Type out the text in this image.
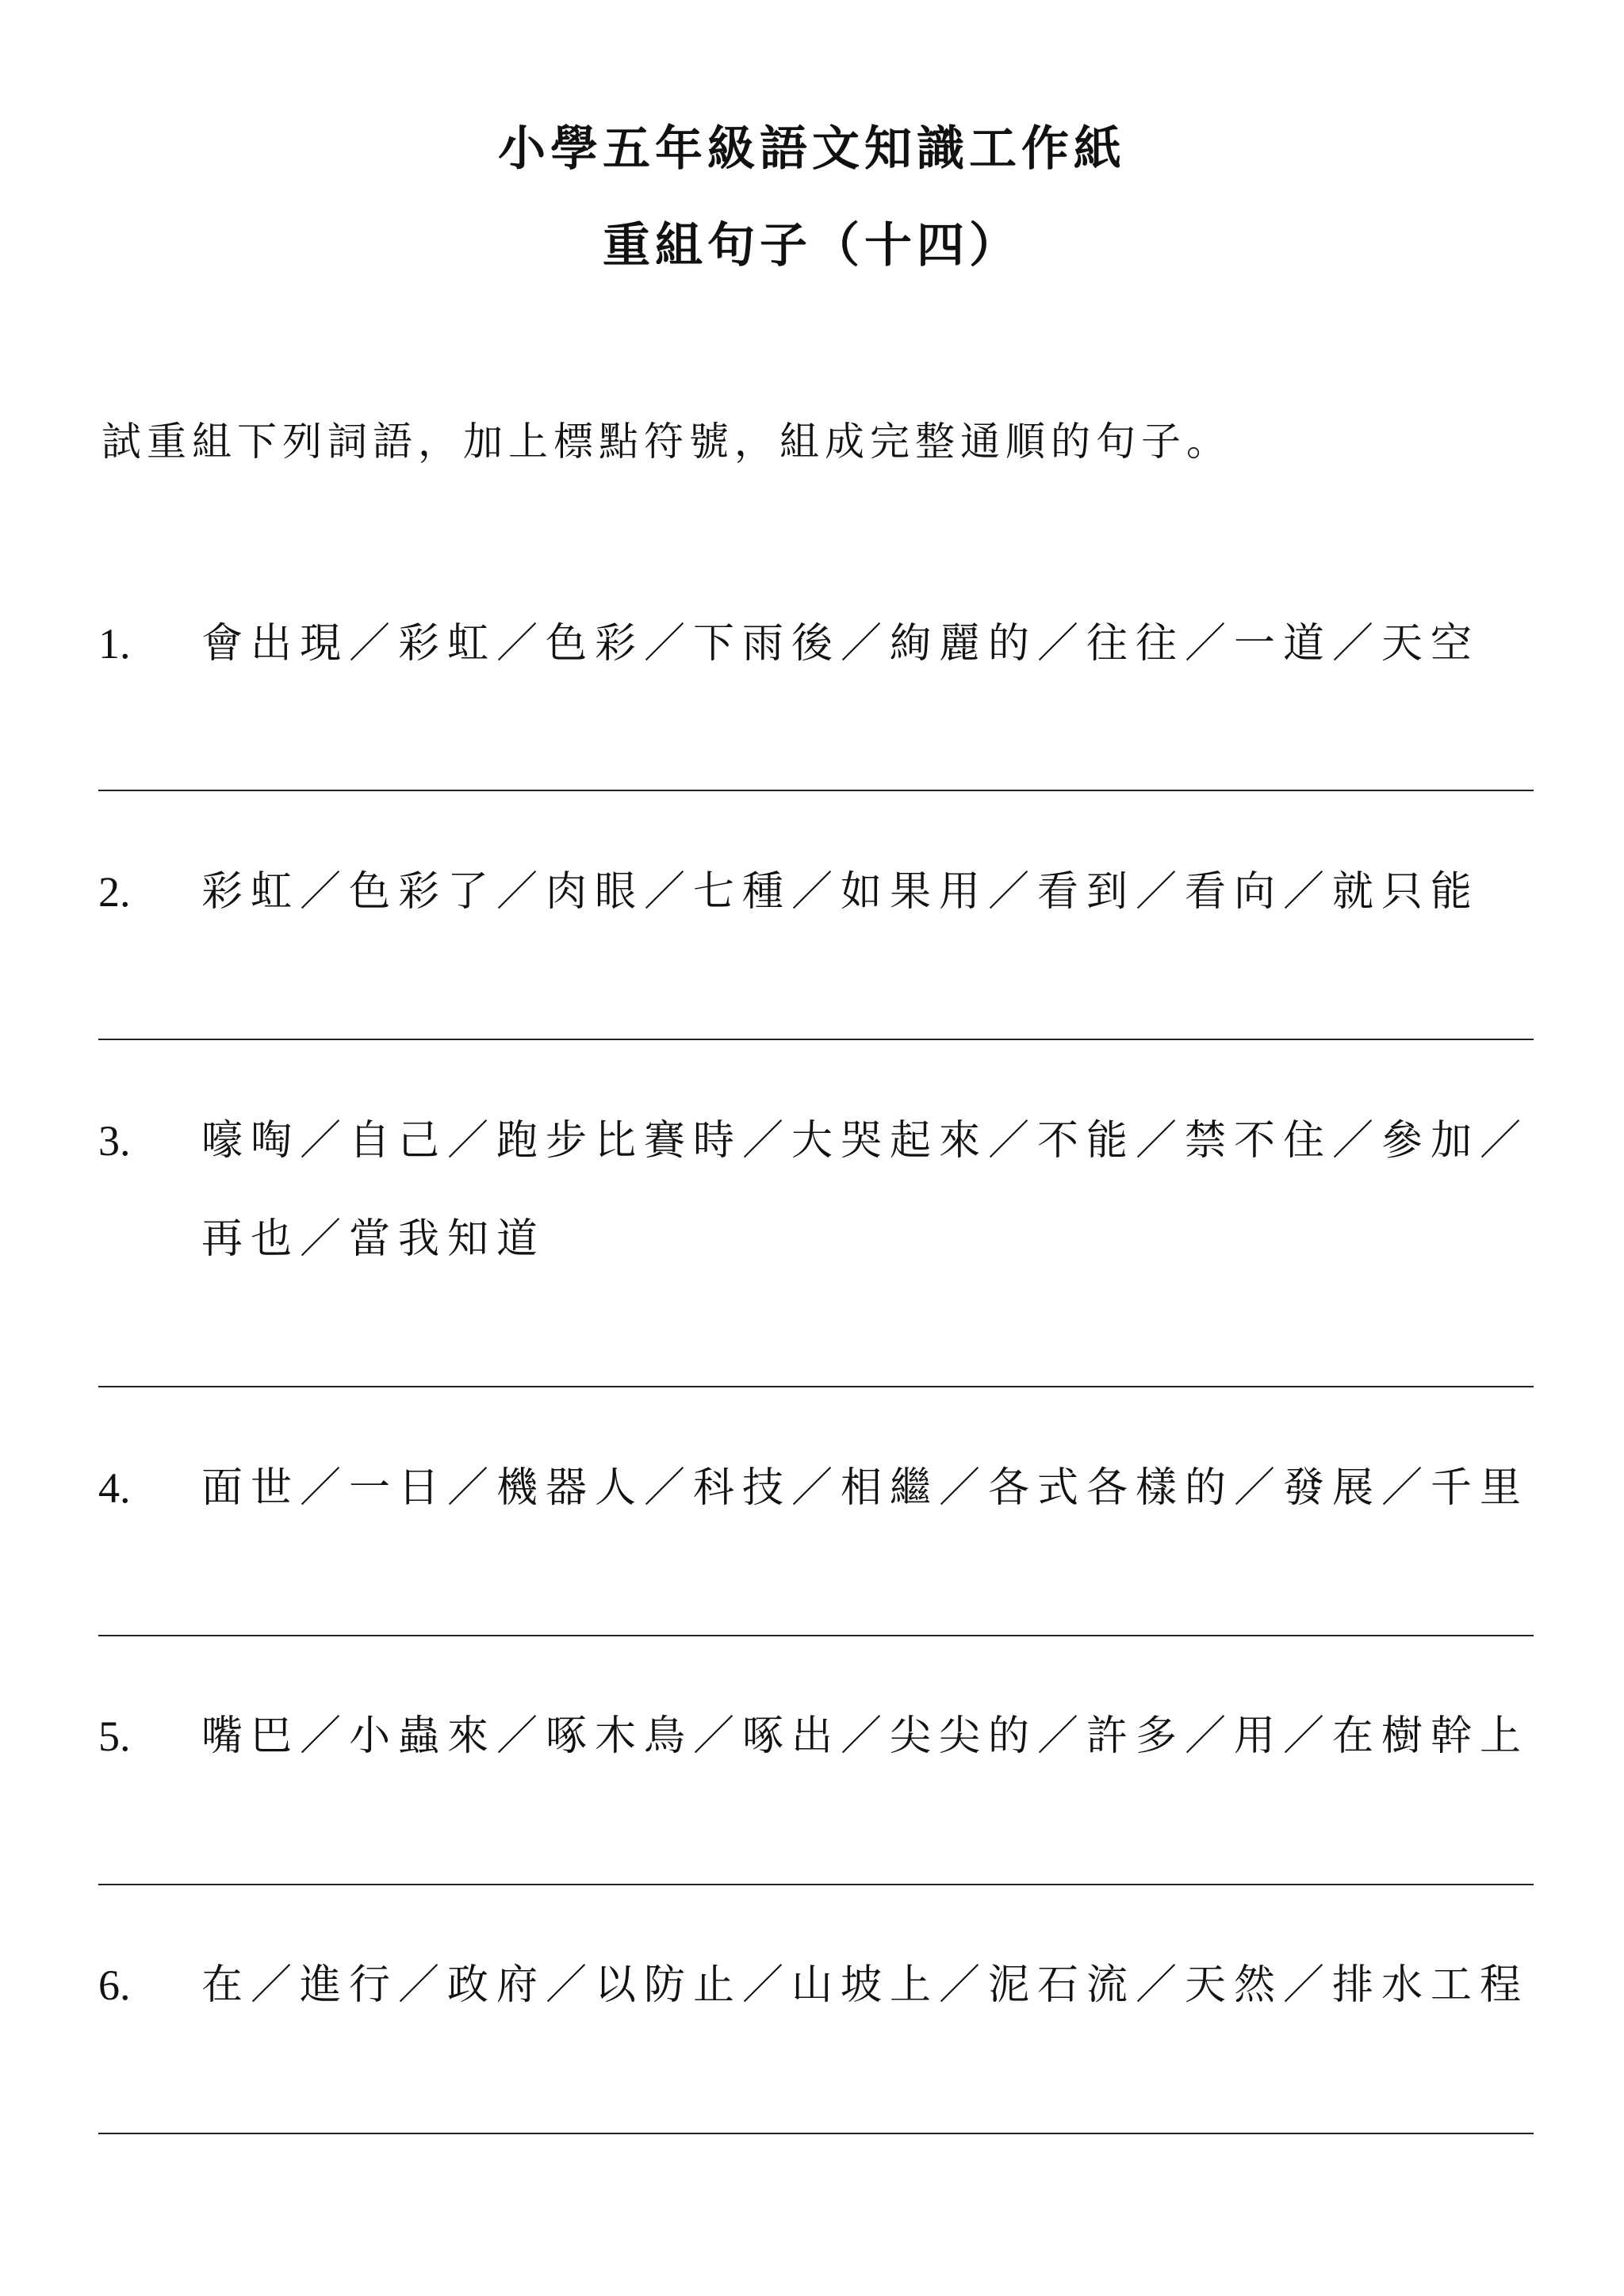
小學五年級語文知識工作紙
重組句子（十四）
試重組下列詞語，加上標點符號，組成完整通順的句子。
1. 會出現／彩虹／色彩／下雨後／絢麗的／往往／一道／天空
2. 彩虹／色彩了／肉眼／七種／如果用／看到／看向／就只能
3. 嚎啕／自己／跑步比賽時／大哭起來／不能／禁不住／參加／再也／當我知道
4. 面世／一日／機器人／科技／相繼／各式各樣的／發展／千里
5. 嘴巴／小蟲來／啄木鳥／啄出／尖尖的／許多／用／在樹幹上
6. 在／進行／政府／以防止／山坡上／泥石流／天然／排水工程
